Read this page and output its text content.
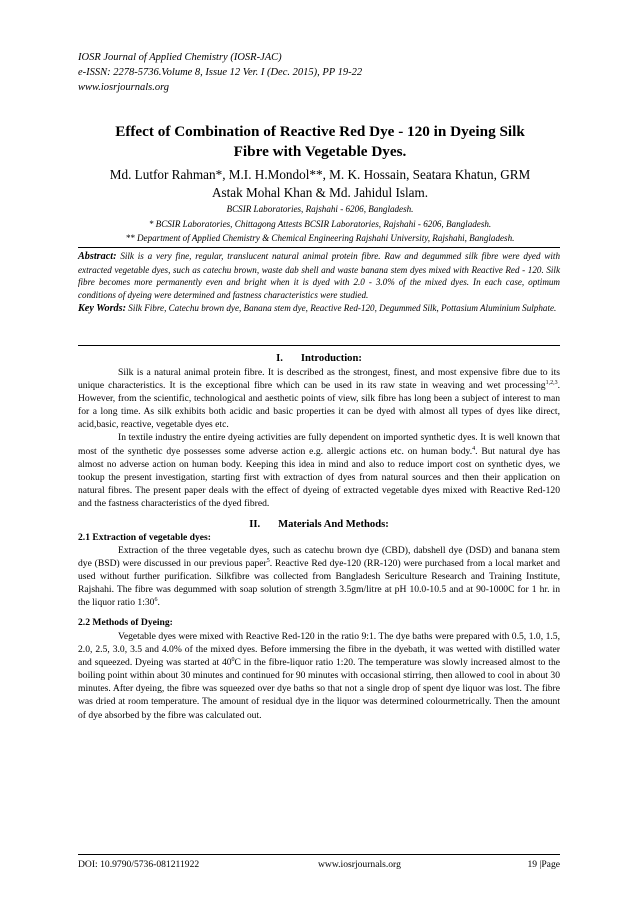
IOSR Journal of Applied Chemistry (IOSR-JAC)
e-ISSN: 2278-5736.Volume 8, Issue 12 Ver. I (Dec. 2015), PP 19-22
www.iosrjournals.org
Effect of Combination of Reactive Red Dye - 120 in Dyeing Silk
Fibre with Vegetable Dyes.
Md. Lutfor Rahman*, M.I. H.Mondol**, M. K. Hossain, Seatara Khatun, GRM
Astak Mohal Khan & Md. Jahidul Islam.
BCSIR Laboratories, Rajshahi - 6206, Bangladesh.
* BCSIR Laboratories, Chittagong Attests BCSIR Laboratories, Rajshahi - 6206, Bangladesh.
** Department of Applied Chemistry & Chemical Engineering Rajshahi University, Rajshahi, Bangladesh.
Abstract: Silk is a very fine, regular, translucent natural animal protein fibre. Raw and degummed silk fibre were dyed with extracted vegetable dyes, such as catechu brown, waste dab shell and waste banana stem dyes mixed with Reactive Red - 120. Silk fibre becomes more permanently even and bright when it is dyed with 2.0 - 3.0% of the mixed dyes. In each case, optimum conditions of dyeing were determined and fastness characteristics were studied.
Key Words: Silk Fibre, Catechu brown dye, Banana stem dye, Reactive Red-120, Degummed Silk, Pottasium Aluminium Sulphate.
I. Introduction:

Silk is a natural animal protein fibre. It is described as the strongest, finest, and most expensive fibre due to its unique characteristics. It is the exceptional fibre which can be used in its raw state in weaving and wet processing$^{1,2,3}$. However, from the scientific, technological and aesthetic points of view, silk fibre has long been a subject of interest to man for a long time. As silk exhibits both acidic and basic properties it can be dyed with almost all types of dyes like direct, acid,basic, reactive, vegetable dyes etc.

In textile industry the entire dyeing activities are fully dependent on imported synthetic dyes. It is well known that most of the synthetic dye possesses some adverse action e.g. allergic actions etc. on human body.$^4$. But natural dye has almost no adverse action on human body. Keeping this idea in mind and also to reduce import cost on synthetic dyes, we tookup the present investigation, starting first with extraction of dyes from natural sources and then their application on natural fibres. The present paper deals with the effect of dyeing of extracted vegetable dyes mixed with Reactive Red-120 and the fastness characteristics of the dyed fibred.

II. Materials And Methods:
2.1 Extraction of vegetable dyes:

Extraction of the three vegetable dyes, such as catechu brown dye (CBD), dabshell dye (DSD) and banana stem dye (BSD) were discussed in our previous paper$^5$. Reactive Red dye-120 (RR-120) were purchased from a local market and used without further purification. Silkfibre was collected from Bangladesh Sericulture Research and Training Institute, Rajshahi. The fibre was degummed with soap solution of strength 3.5gm/litre at pH 10.0-10.5 and at 90-1000C for 1 hr. in the liquor ratio $1:30^6$.

2.2 Methods of Dyeing:

Vegetable dyes were mixed with Reactive Red-120 in the ratio 9:1. The dye baths were prepared with 0.5, 1.0, 1.5, 2.0, 2.5, 3.0, 3.5 and 4.0% of the mixed dyes. Before immersing the fibre in the dyebath, it was wetted with distilled water and squeezed. Dyeing was started at $40^0C$ in the fibre-liquor ratio 1:20. The temperature was slowly increased almost to the boiling point within about 30 minutes and continued for 90 minutes with occasional stirring, then allowed to cool in about 30 minutes. After dyeing, the fibre was squeezed over dye baths so that not a single drop of spent dye liquor was lost. The fibre was dried at room temperature. The amount of residual dye in the liquor was determined colourmetrically. Then the amount of dye absorbed by the fibre was calculated out.

DOI: 10.9790/5736-081211922	www.iosrjournals.org	19 |Page
